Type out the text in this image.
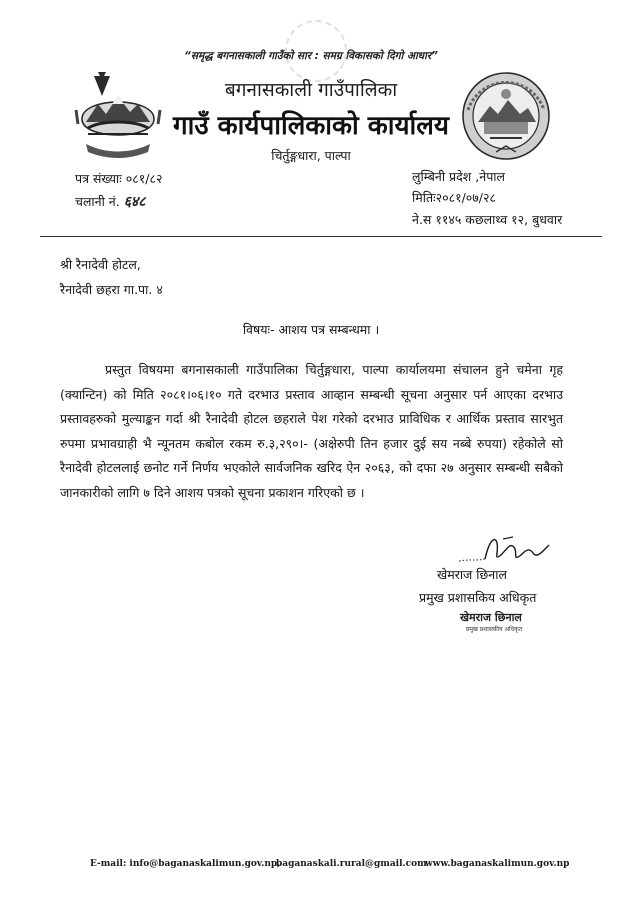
“समृद्ध बगनासकाली गाउँको सार : समग्र विकासको दिगो आधार”
बगनासकाली गाउँपालिका
गाउँ कार्यपालिकाको कार्यालय
चिर्तुङ्गधारा, पाल्पा
पत्र संख्याः ०८१/८२
चलानी नं. ६४८
लुम्बिनी प्रदेश ,नेपाल
मितिः२०८१/०७/२८
ने.स ११४५ कछलाथ्व १२, बुधवार
श्री रैनादेवी होटल,
रैनादेवी छहरा गा.पा. ४
विषयः- आशय पत्र सम्बन्धमा ।
प्रस्तुत विषयमा बगनासकाली गाउँपालिका चिर्तुङ्गधारा, पाल्पा कार्यालयमा संचालन हुने चमेना गृह (क्यान्टिन) को मिति २०८१।०६।१० गते दरभाउ प्रस्ताव आव्हान सम्बन्धी सूचना अनुसार पर्न आएका दरभाउ प्रस्तावहरुको मुल्याङ्कन गर्दा श्री रैनादेवी होटल छहराले पेश गरेको दरभाउ प्राविधिक र आर्थिक प्रस्ताव सारभुत रुपमा प्रभावग्राही भै न्यूनतम कबोल रकम रु.३,२९०।- (अक्षेरुपी तिन हजार दुई सय नब्बे रुपया) रहेकोले सो रैनादेवी होटललाई छनोट गर्ने निर्णय भएकोले सार्वजनिक खरिद ऐन २०६३, को दफा २७ अनुसार सम्बन्धी सबैको जानकारीको लागि ७ दिने आशय पत्रको सूचना प्रकाशन गरिएको छ ।
खेमराज छिनाल
प्रमुख प्रशासकिय अधिकृत
खेमराज छिनाल
प्रमुख प्रशासकीय अधिकृत
E-mail: info@baganaskalimun.gov.np,
baganaskali.rural@gmail.com
www.baganaskalimun.gov.np
